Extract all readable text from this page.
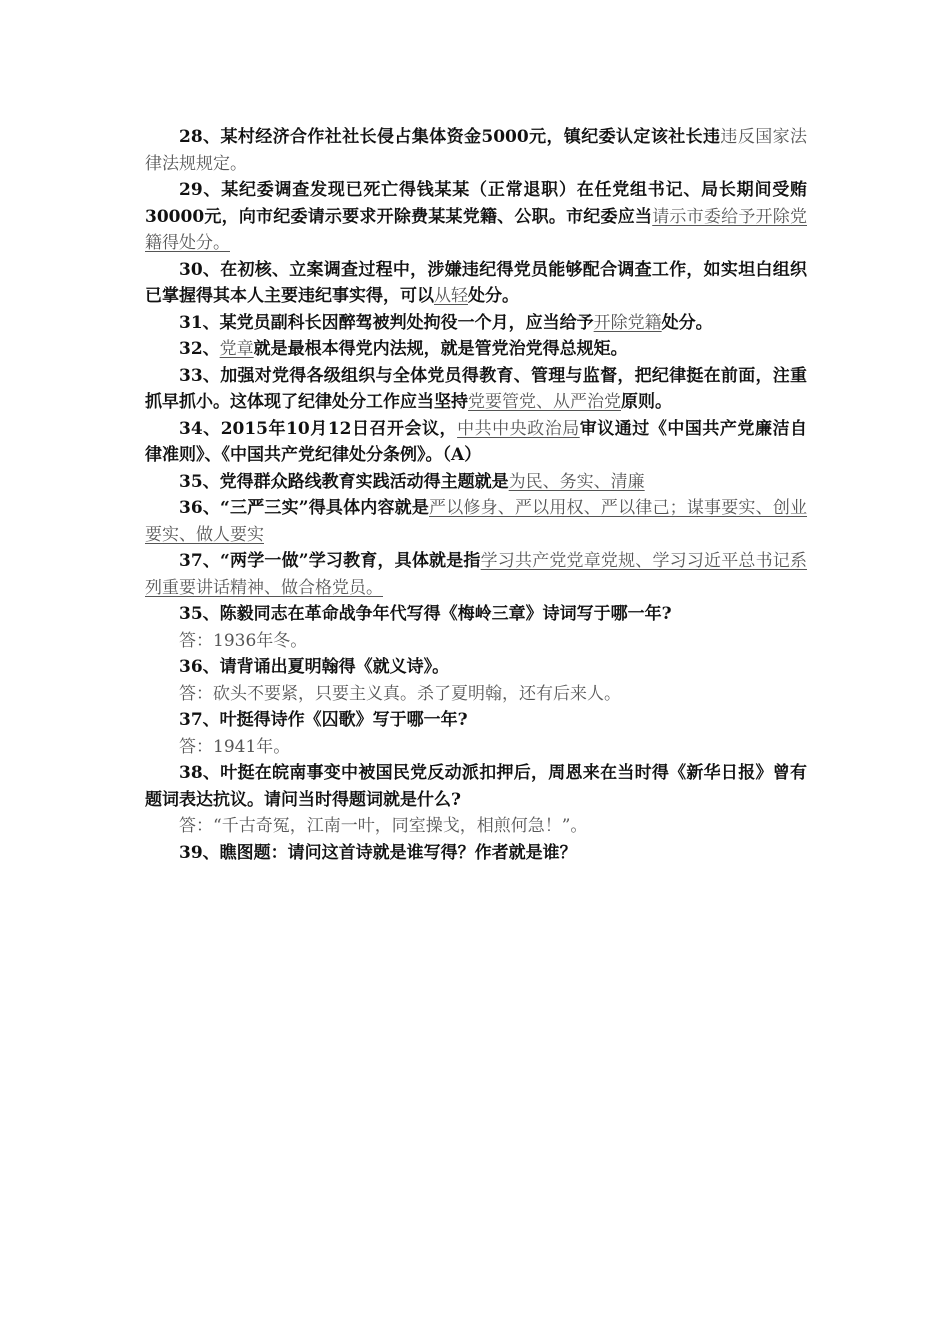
28、某村经济合作社社长侵占集体资金5000元，镇纪委认定该社长违违反国家法律法规规定。

29、某纪委调查发现已死亡得钱某某（正常退职）在任党组书记、局长期间受贿30000元，向市纪委请示要求开除费某某党籍、公职。市纪委应当请示市委给予开除党籍得处分。

30、在初核、立案调查过程中，涉嫌违纪得党员能够配合调查工作，如实坦白组织已掌握得其本人主要违纪事实得，可以从轻处分。

31、某党员副科长因醉驾被判处拘役一个月，应当给予开除党籍处分。

32、党章就是最根本得党内法规，就是管党治党得总规矩。

33、加强对党得各级组织与全体党员得教育、管理与监督，把纪律挺在前面，注重抓早抓小。这体现了纪律处分工作应当坚持党要管党、从严治党原则。

34、2015年10月12日召开会议，中共中央政治局审议通过《中国共产党廉洁自律准则》、《中国共产党纪律处分条例》。（A）

35、党得群众路线教育实践活动得主题就是为民、务实、清廉

36、“三严三实”得具体内容就是严以修身、严以用权、严以律己；谋事要实、创业要实、做人要实

37、“两学一做”学习教育，具体就是指学习共产党党章党规、学习习近平总书记系列重要讲话精神、做合格党员。

35、陈毅同志在革命战争年代写得《梅岭三章》诗词写于哪一年?

答：1936年冬。

36、请背诵出夏明翰得《就义诗》。

答：砍头不要紧，只要主义真。杀了夏明翰，还有后来人。

37、叶挺得诗作《囚歌》写于哪一年?

答：1941年。

38、叶挺在皖南事变中被国民党反动派扣押后，周恩来在当时得《新华日报》曾有题词表达抗议。请问当时得题词就是什么?

答：“千古奇冤，江南一叶，同室操戈，相煎何急！”。

39、瞧图题：请问这首诗就是谁写得？作者就是谁？
